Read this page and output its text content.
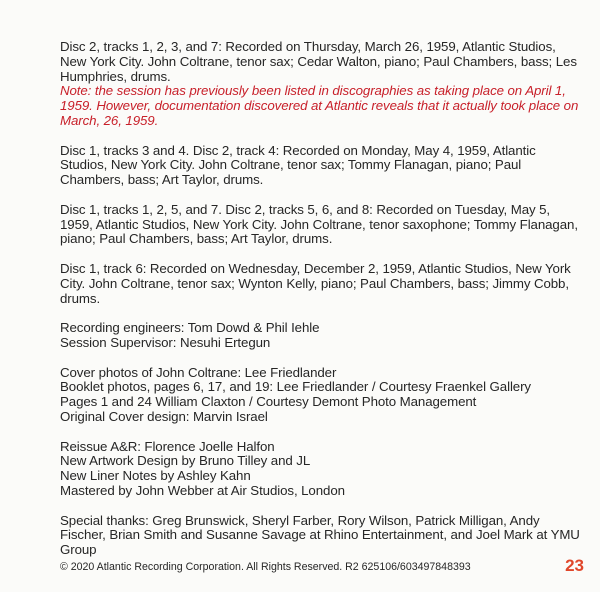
Disc 2, tracks 1, 2, 3, and 7: Recorded on Thursday, March 26, 1959, Atlantic Studios, New York City. John Coltrane, tenor sax; Cedar Walton, piano; Paul Chambers, bass; Les Humphries, drums.
Note: the session has previously been listed in discographies as taking place on April 1, 1959. However, documentation discovered at Atlantic reveals that it actually took place on March, 26, 1959.
Disc 1, tracks 3 and 4. Disc 2, track 4: Recorded on Monday, May 4, 1959, Atlantic Studios, New York City. John Coltrane, tenor sax; Tommy Flanagan, piano; Paul Chambers, bass; Art Taylor, drums.
Disc 1, tracks 1, 2, 5, and 7. Disc 2, tracks 5, 6, and 8: Recorded on Tuesday, May 5, 1959, Atlantic Studios, New York City. John Coltrane, tenor saxophone; Tommy Flanagan, piano; Paul Chambers, bass; Art Taylor, drums.
Disc 1, track 6: Recorded on Wednesday, December 2, 1959, Atlantic Studios, New York City. John Coltrane, tenor sax; Wynton Kelly, piano; Paul Chambers, bass; Jimmy Cobb, drums.
Recording engineers: Tom Dowd & Phil Iehle
Session Supervisor: Nesuhi Ertegun
Cover photos of John Coltrane: Lee Friedlander
Booklet photos, pages 6, 17, and 19: Lee Friedlander / Courtesy Fraenkel Gallery
Pages 1 and 24 William Claxton / Courtesy Demont Photo Management
Original Cover design: Marvin Israel
Reissue A&R: Florence Joelle Halfon
New Artwork Design by Bruno Tilley and JL
New Liner Notes by Ashley Kahn
Mastered by John Webber at Air Studios, London
Special thanks: Greg Brunswick, Sheryl Farber, Rory Wilson, Patrick Milligan, Andy Fischer, Brian Smith and Susanne Savage at Rhino Entertainment, and Joel Mark at YMU Group
© 2020 Atlantic Recording Corporation. All Rights Reserved. R2 625106/603497848393	23
